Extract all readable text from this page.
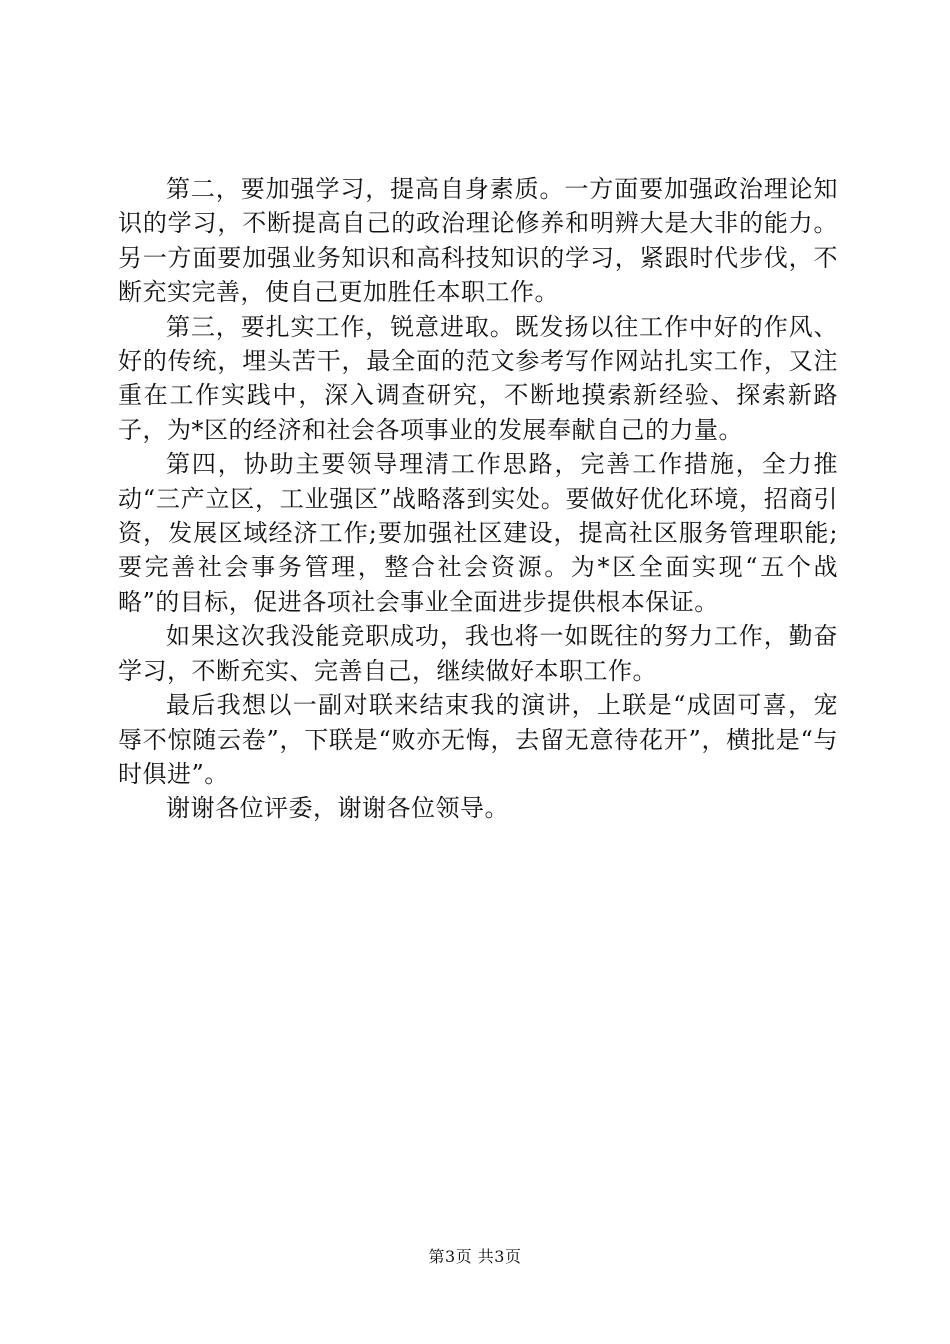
第二，要加强学习，提高自身素质。一方面要加强政治理论知识的学习，不断提高自己的政治理论修养和明辨大是大非的能力。另一方面要加强业务知识和高科技知识的学习，紧跟时代步伐，不断充实完善，使自己更加胜任本职工作。

第三，要扎实工作，锐意进取。既发扬以往工作中好的作风、好的传统，埋头苦干，最全面的范文参考写作网站扎实工作，又注重在工作实践中，深入调查研究，不断地摸索新经验、探索新路子，为*区的经济和社会各项事业的发展奉献自己的力量。

第四，协助主要领导理清工作思路，完善工作措施，全力推动“三产立区，工业强区”战略落到实处。要做好优化环境，招商引资，发展区域经济工作;要加强社区建设，提高社区服务管理职能;要完善社会事务管理，整合社会资源。为*区全面实现“五个战略”的目标，促进各项社会事业全面进步提供根本保证。

如果这次我没能竞职成功，我也将一如既往的努力工作，勤奋学习，不断充实、完善自己，继续做好本职工作。

最后我想以一副对联来结束我的演讲，上联是“成固可喜，宠辱不惊随云卷”，下联是“败亦无悔，去留无意待花开”，横批是“与时俱进”。

谢谢各位评委，谢谢各位领导。

第3页 共3页
